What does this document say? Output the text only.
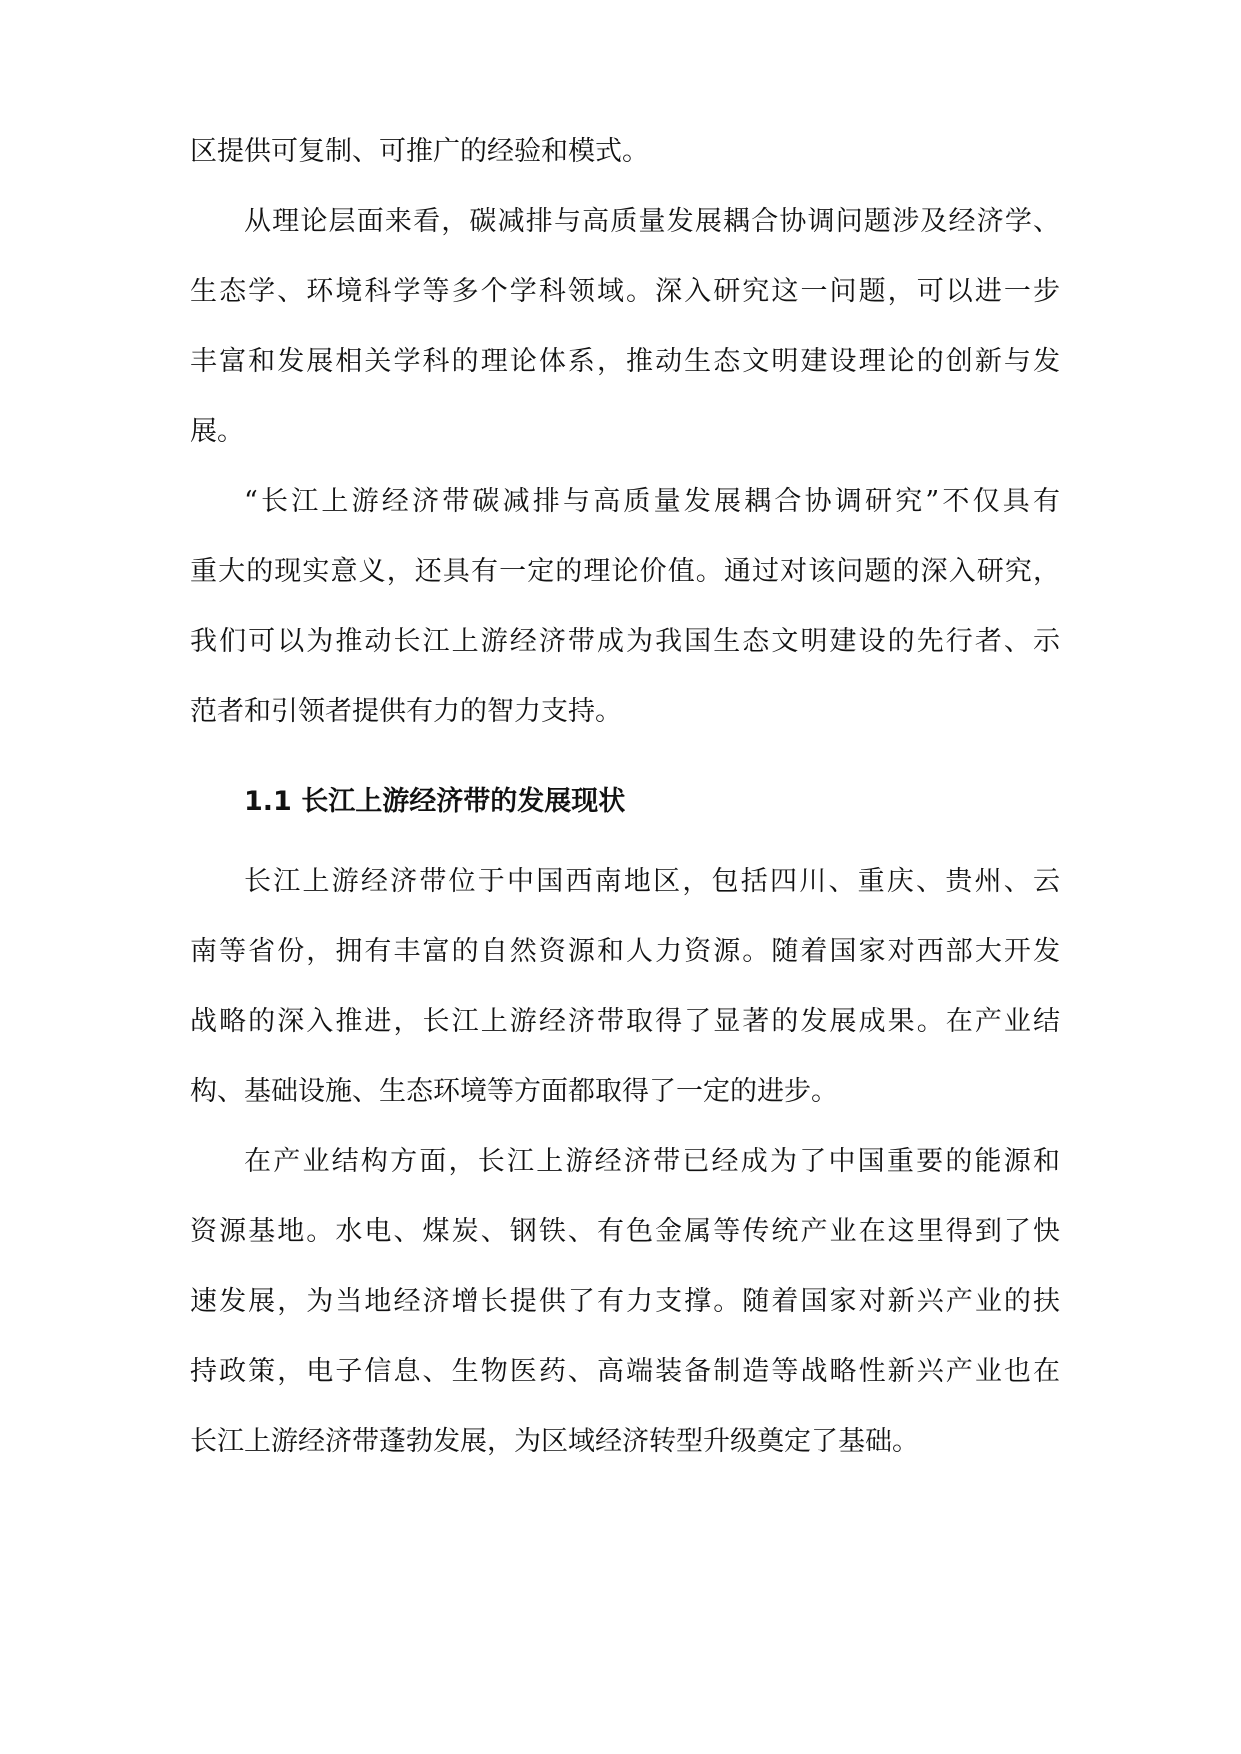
区提供可复制、可推广的经验和模式。
从理论层面来看，碳减排与高质量发展耦合协调问题涉及经济学、
生态学、环境科学等多个学科领域。深入研究这一问题，可以进一步
丰富和发展相关学科的理论体系，推动生态文明建设理论的创新与发
展。
“长江上游经济带碳减排与高质量发展耦合协调研究”不仅具有
重大的现实意义，还具有一定的理论价值。通过对该问题的深入研究，
我们可以为推动长江上游经济带成为我国生态文明建设的先行者、示
范者和引领者提供有力的智力支持。
1.1 长江上游经济带的发展现状
长江上游经济带位于中国西南地区，包括四川、重庆、贵州、云
南等省份，拥有丰富的自然资源和人力资源。随着国家对西部大开发
战略的深入推进，长江上游经济带取得了显著的发展成果。在产业结
构、基础设施、生态环境等方面都取得了一定的进步。
在产业结构方面，长江上游经济带已经成为了中国重要的能源和
资源基地。水电、煤炭、钢铁、有色金属等传统产业在这里得到了快
速发展，为当地经济增长提供了有力支撑。随着国家对新兴产业的扶
持政策，电子信息、生物医药、高端装备制造等战略性新兴产业也在
长江上游经济带蓬勃发展，为区域经济转型升级奠定了基础。
